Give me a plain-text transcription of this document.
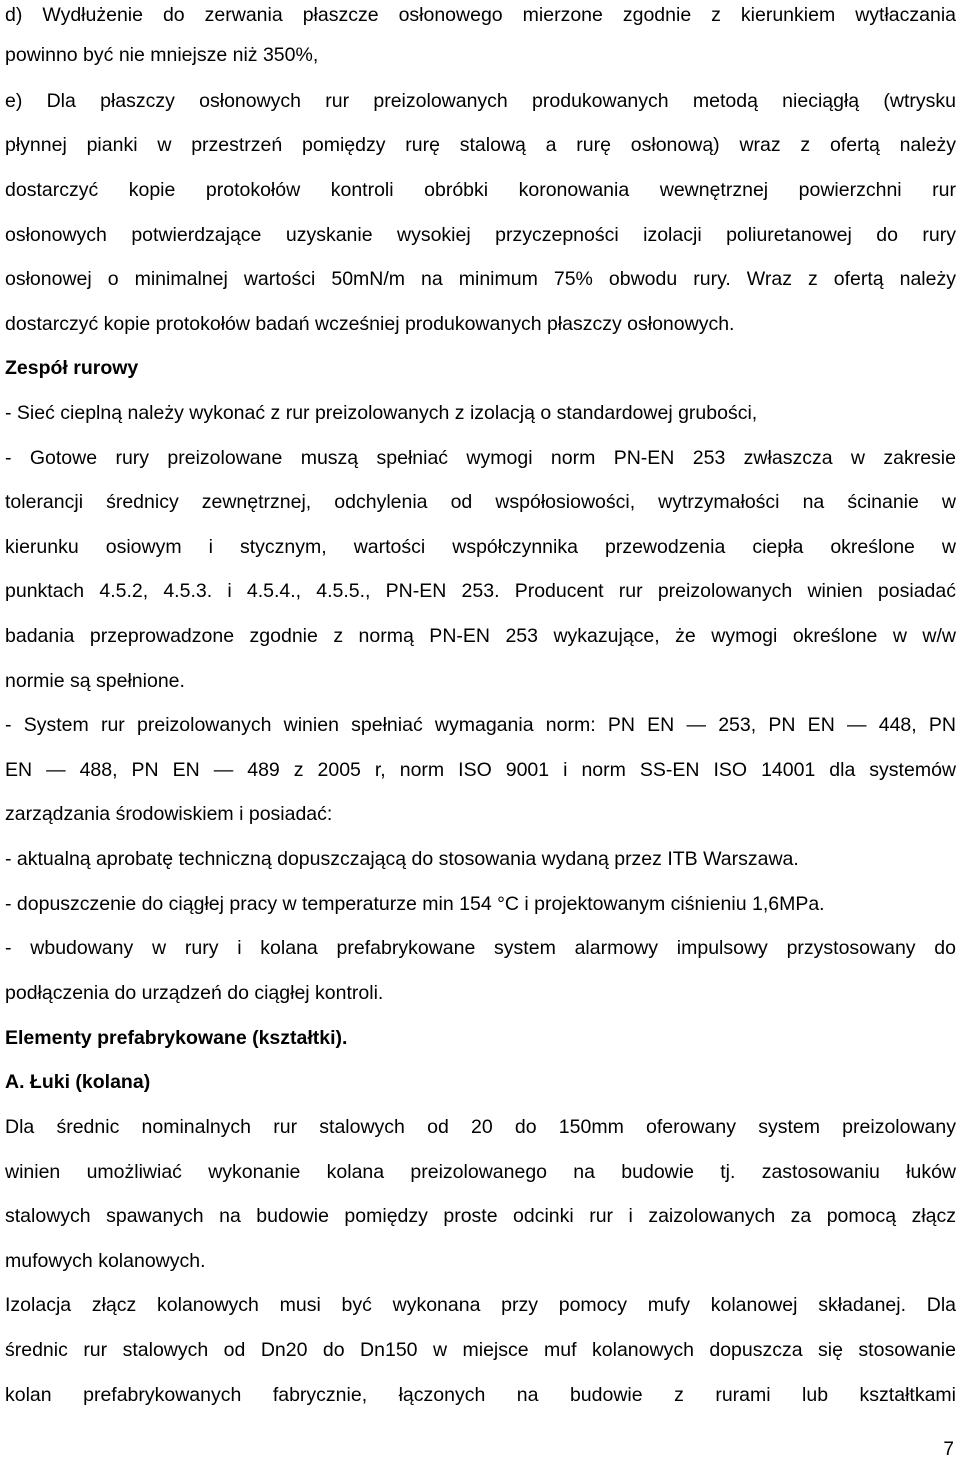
d) Wydłużenie do zerwania płaszcze osłonowego mierzone zgodnie z kierunkiem wytłaczania
powinno być nie mniejsze niż 350%,
e) Dla płaszczy osłonowych rur preizolowanych produkowanych metodą nieciągłą (wtrysku
płynnej pianki w przestrzeń pomiędzy rurę stalową a rurę osłonową) wraz z ofertą należy
dostarczyć kopie protokołów kontroli obróbki koronowania wewnętrznej powierzchni rur
osłonowych potwierdzające uzyskanie wysokiej przyczepności izolacji poliuretanowej do rury
osłonowej o minimalnej wartości 50mN/m na minimum 75% obwodu rury. Wraz z ofertą należy
dostarczyć kopie protokołów badań wcześniej produkowanych płaszczy osłonowych.
Zespół rurowy
- Sieć cieplną należy wykonać z rur preizolowanych z izolacją o standardowej grubości,
- Gotowe rury preizolowane muszą spełniać wymogi norm PN-EN 253 zwłaszcza w zakresie
tolerancji średnicy zewnętrznej, odchylenia od współosiowości, wytrzymałości na ścinanie w
kierunku osiowym i stycznym, wartości współczynnika przewodzenia ciepła określone w
punktach 4.5.2, 4.5.3. i 4.5.4., 4.5.5., PN-EN 253. Producent rur preizolowanych winien posiadać
badania przeprowadzone zgodnie z normą PN-EN 253 wykazujące, że wymogi określone w w/w
normie są spełnione.
- System rur preizolowanych winien spełniać wymagania norm: PN EN — 253, PN EN — 448, PN
EN — 488, PN EN — 489 z 2005 r, norm ISO 9001 i norm SS-EN ISO 14001 dla systemów
zarządzania środowiskiem i posiadać:
- aktualną aprobatę techniczną dopuszczającą do stosowania wydaną przez ITB Warszawa.
- dopuszczenie do ciągłej pracy w temperaturze min 154 °C i projektowanym ciśnieniu 1,6MPa.
- wbudowany w rury i kolana prefabrykowane system alarmowy impulsowy przystosowany do
podłączenia do urządzeń do ciągłej kontroli.
Elementy prefabrykowane (kształtki).
A. Łuki (kolana)
Dla średnic nominalnych rur stalowych od 20 do 150mm oferowany system preizolowany
winien umożliwiać wykonanie kolana preizolowanego na budowie tj. zastosowaniu łuków
stalowych spawanych na budowie pomiędzy proste odcinki rur i zaizolowanych za pomocą złącz
mufowych kolanowych.
Izolacja złącz kolanowych musi być wykonana przy pomocy mufy kolanowej składanej. Dla
średnic rur stalowych od Dn20 do Dn150 w miejsce muf kolanowych dopuszcza się stosowanie
kolan prefabrykowanych fabrycznie, łączonych na budowie z rurami lub kształtkami
7
